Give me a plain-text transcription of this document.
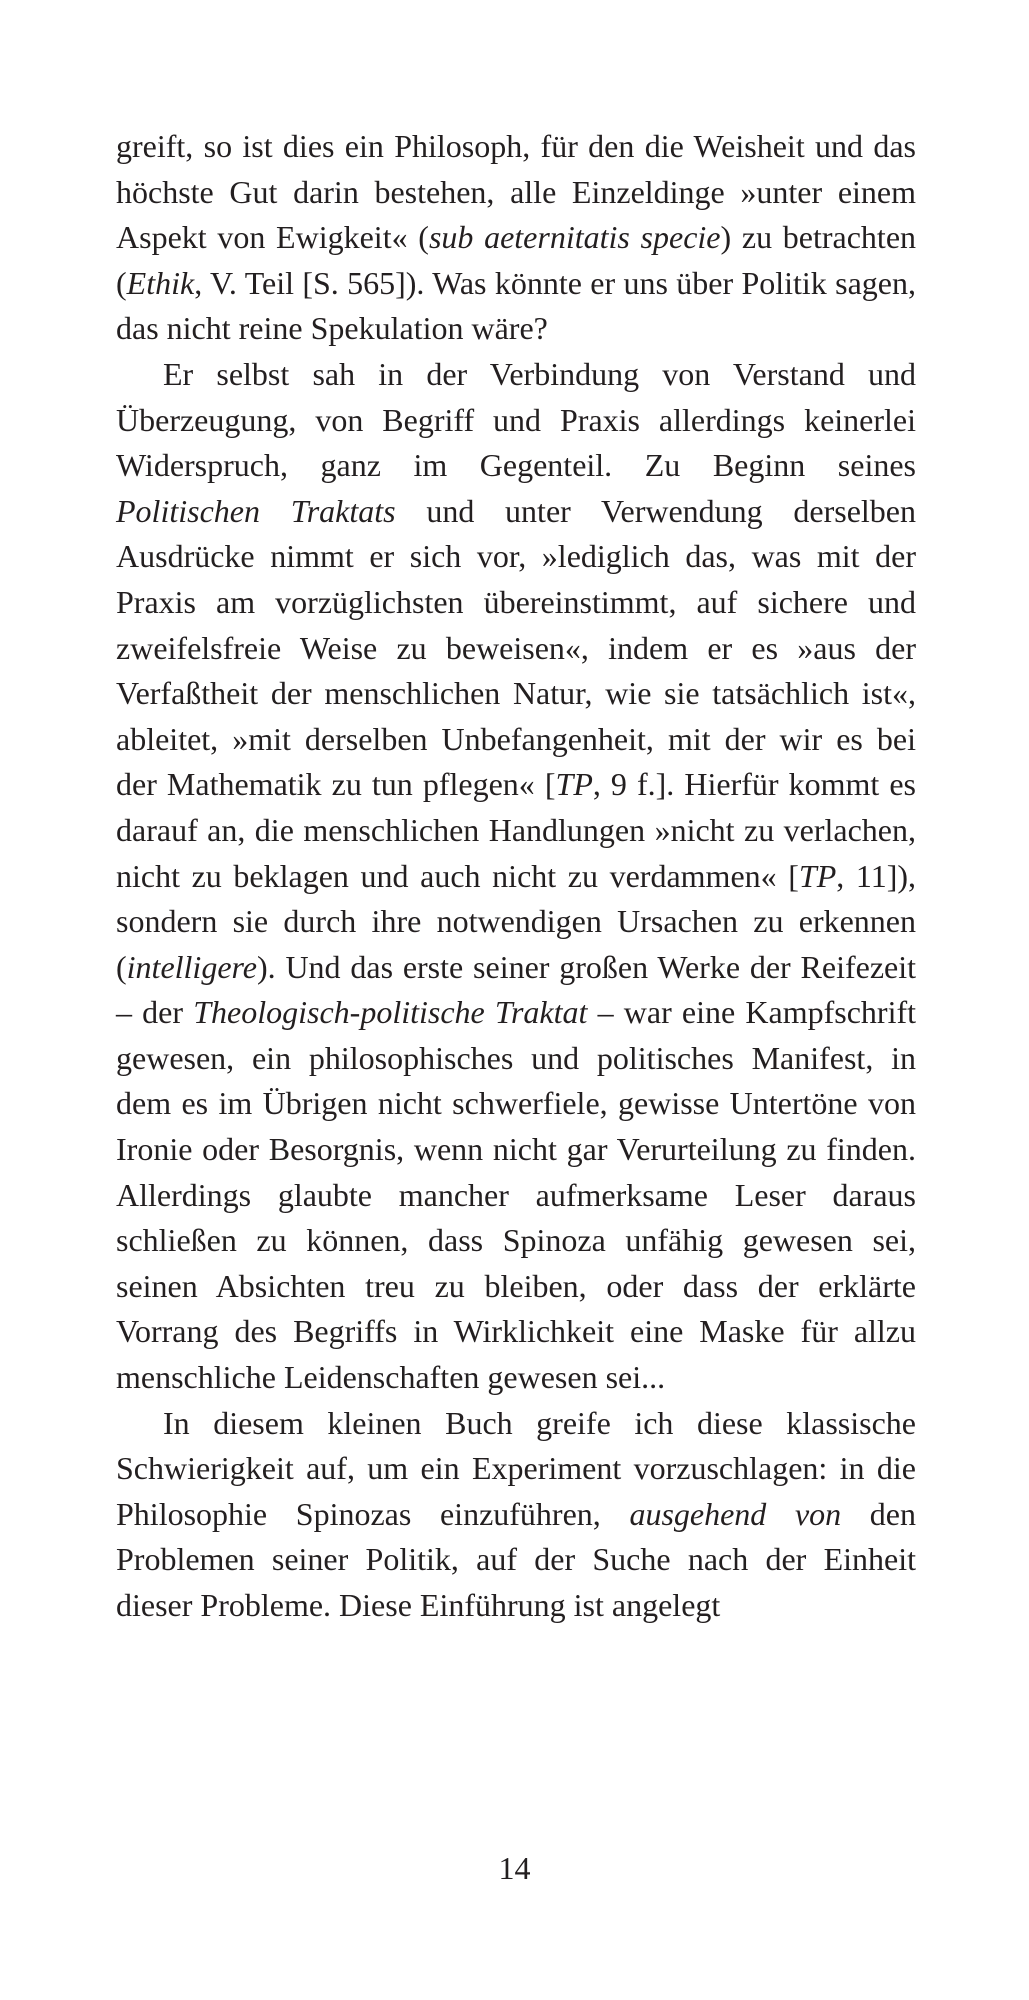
greift, so ist dies ein Philosoph, für den die Weisheit und das höchste Gut darin bestehen, alle Einzeldinge »unter einem Aspekt von Ewigkeit« (sub aeternitatis specie) zu betrachten (Ethik, V. Teil [S. 565]). Was könnte er uns über Politik sagen, das nicht reine Spekulation wäre?

Er selbst sah in der Verbindung von Verstand und Überzeugung, von Begriff und Praxis allerdings keinerlei Widerspruch, ganz im Gegenteil. Zu Beginn seines Politischen Traktats und unter Verwendung derselben Ausdrücke nimmt er sich vor, »lediglich das, was mit der Praxis am vorzüglichsten übereinstimmt, auf sichere und zweifelsfreie Weise zu beweisen«, indem er es »aus der Verfaßtheit der menschlichen Natur, wie sie tatsächlich ist«, ableitet, »mit derselben Unbefangenheit, mit der wir es bei der Mathematik zu tun pflegen« [TP, 9 f.]. Hierfür kommt es darauf an, die menschlichen Handlungen »nicht zu verlachen, nicht zu beklagen und auch nicht zu verdammen« [TP, 11]), sondern sie durch ihre notwendigen Ursachen zu erkennen (intelligere). Und das erste seiner großen Werke der Reifezeit – der Theologisch-politische Traktat – war eine Kampfschrift gewesen, ein philosophisches und politisches Manifest, in dem es im Übrigen nicht schwerfiele, gewisse Untertöne von Ironie oder Besorgnis, wenn nicht gar Verurteilung zu finden. Allerdings glaubte mancher aufmerksame Leser daraus schließen zu können, dass Spinoza unfähig gewesen sei, seinen Absichten treu zu bleiben, oder dass der erklärte Vorrang des Begriffs in Wirklichkeit eine Maske für allzu menschliche Leidenschaften gewesen sei...

In diesem kleinen Buch greife ich diese klassische Schwierigkeit auf, um ein Experiment vorzuschlagen: in die Philosophie Spinozas einzuführen, ausgehend von den Problemen seiner Politik, auf der Suche nach der Einheit dieser Probleme. Diese Einführung ist angelegt

14
